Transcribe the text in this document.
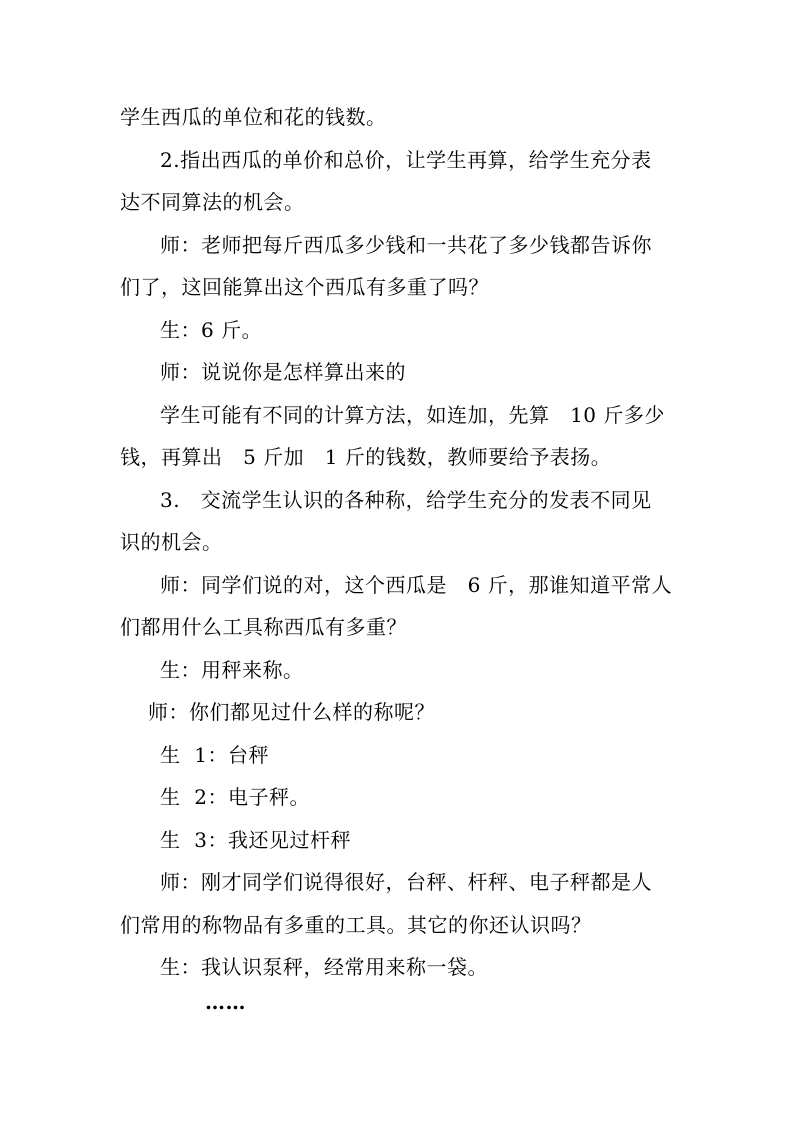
学生西瓜的单位和花的钱数。
2.指出西瓜的单价和总价，让学生再算，给学生充分表
达不同算法的机会。
师：老师把每斤西瓜多少钱和一共花了多少钱都告诉你
们了，这回能算出这个西瓜有多重了吗？
生：6 斤。
师：说说你是怎样算出来的
学生可能有不同的计算方法，如连加，先算   10 斤多少
钱，再算出   5 斤加   1 斤的钱数，教师要给予表扬。
3.   交流学生认识的各种称，给学生充分的发表不同见
识的机会。
师：同学们说的对，这个西瓜是   6 斤，那谁知道平常人
们都用什么工具称西瓜有多重？
生：用秤来称。
师：你们都见过什么样的称呢？
生  1：台秤
生  2：电子秤。
生  3：我还见过杆秤
师：刚才同学们说得很好，台秤、杆秤、电子秤都是人
们常用的称物品有多重的工具。其它的你还认识吗？
生：我认识泵秤，经常用来称一袋。
……
